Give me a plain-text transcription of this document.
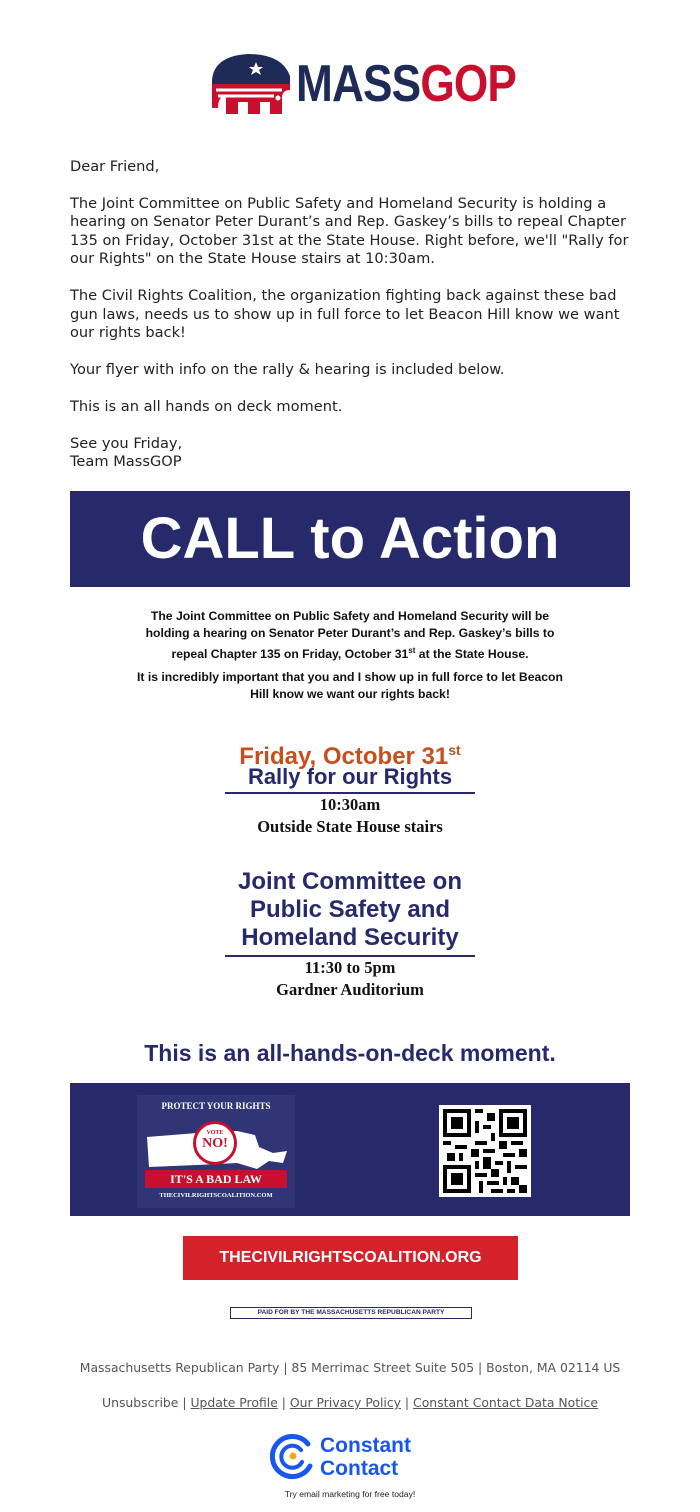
MASSGOP

Dear Friend,

The Joint Committee on Public Safety and Homeland Security is holding a hearing on Senator Peter Durant’s and Rep. Gaskey’s bills to repeal Chapter 135 on Friday, October 31st at the State House. Right before, we'll "Rally for our Rights" on the State House stairs at 10:30am.

The Civil Rights Coalition, the organization fighting back against these bad gun laws, needs us to show up in full force to let Beacon Hill know we want our rights back!

Your flyer with info on the rally & hearing is included below.

This is an all hands on deck moment.

See you Friday,
Team MassGOP

CALL to Action
The Joint Committee on Public Safety and Homeland Security will be holding a hearing on Senator Peter Durant’s and Rep. Gaskey’s bills to repeal Chapter 135 on Friday, October 31st at the State House.
It is incredibly important that you and I show up in full force to let Beacon Hill know we want our rights back!
Friday, October 31st
Rally for our Rights
10:30am
Outside State House stairs
Joint Committee on
Public Safety and
Homeland Security
11:30 to 5pm
Gardner Auditorium
This is an all-hands-on-deck moment.
PROTECT YOUR RIGHTS
VOTE
NO!
IT'S A BAD LAW
THECIVILRIGHTSCOALITION.COM
THECIVILRIGHTSCOALITION.ORG
PAID FOR BY THE MASSACHUSETTS REPUBLICAN PARTY
Massachusetts Republican Party | 85 Merrimac Street Suite 505 | Boston, MA 02114 US
Unsubscribe | Update Profile | Our Privacy Policy | Constant Contact Data Notice
Constant
Contact
Try email marketing for free today!
